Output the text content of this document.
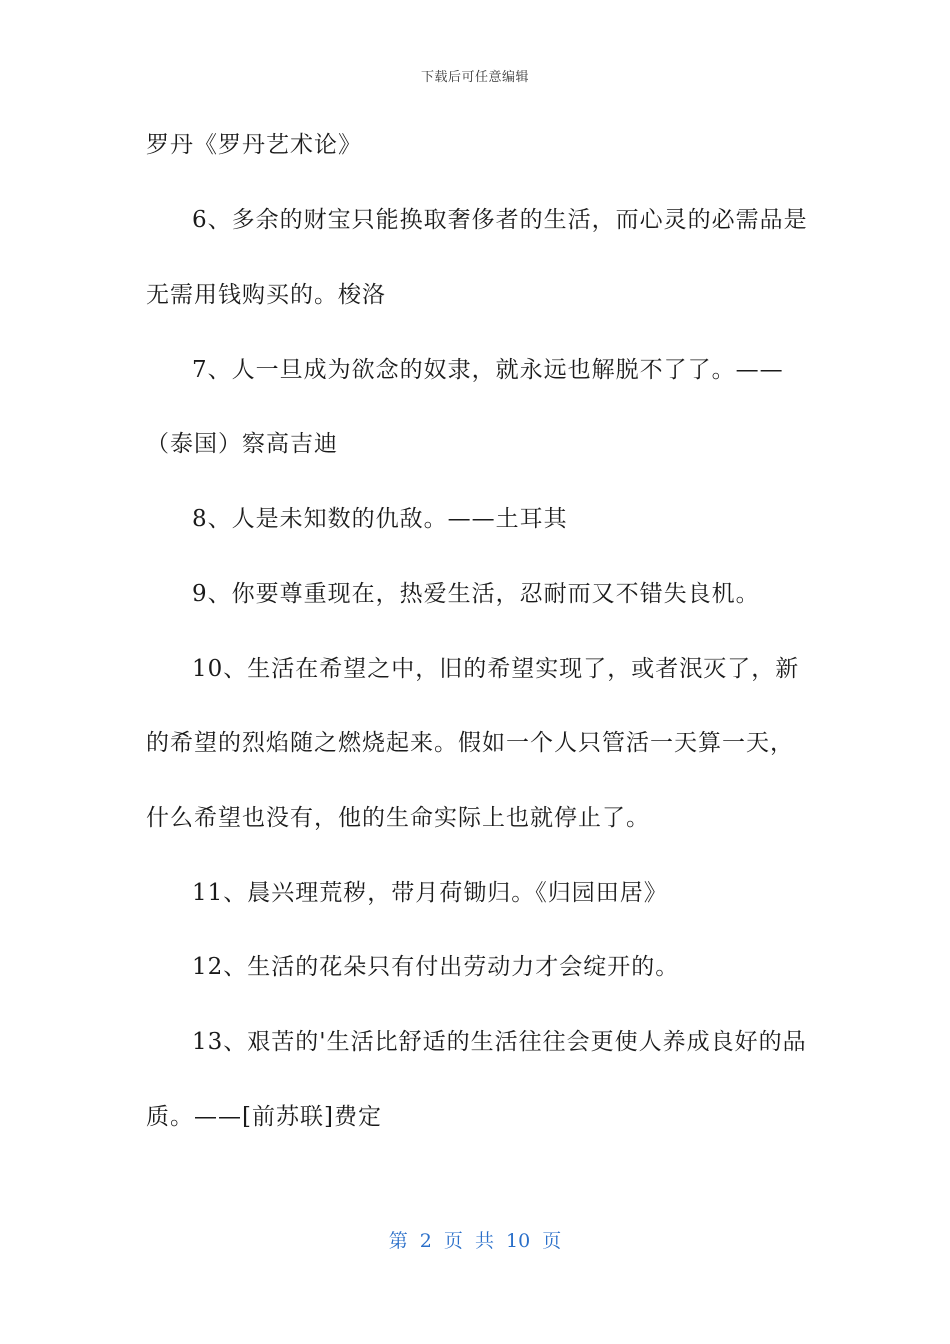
下载后可任意编辑
罗丹《罗丹艺术论》
6、多余的财宝只能换取奢侈者的生活，而心灵的必需品是
无需用钱购买的。梭洛
7、人一旦成为欲念的奴隶，就永远也解脱不了了。——
（泰国）察高吉迪
8、人是未知数的仇敌。——土耳其
9、你要尊重现在，热爱生活，忍耐而又不错失良机。
10、生活在希望之中，旧的希望实现了，或者泯灭了，新
的希望的烈焰随之燃烧起来。假如一个人只管活一天算一天，
什么希望也没有，他的生命实际上也就停止了。
11、晨兴理荒秽，带月荷锄归。《归园田居》
12、生活的花朵只有付出劳动力才会绽开的。
13、艰苦的'生活比舒适的生活往往会更使人养成良好的品
质。——[前苏联]费定
第 2 页 共 10 页
